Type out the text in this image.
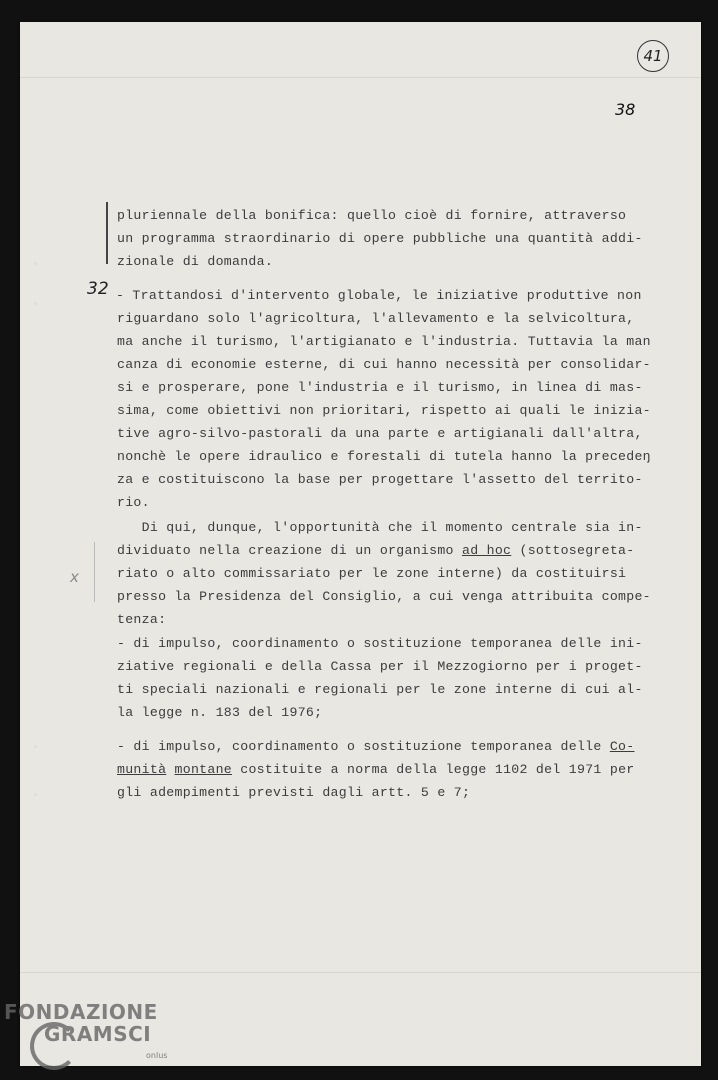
41
38
32
x
pluriennale della bonifica: quello cioè di fornire, attraverso
un programma straordinario di opere pubbliche una quantità addi-
zionale di domanda.
- Trattandosi d'intervento globale, le iniziative produttive non
riguardano solo l'agricoltura, l'allevamento e la selvicoltura,
ma anche il turismo, l'artigianato e l'industria. Tuttavia la man
canza di economie esterne, di cui hanno necessità per consolidar-
si e prosperare, pone l'industria e il turismo, in linea di mas-
sima, come obiettivi non prioritari, rispetto ai quali le inizia-
tive agro-silvo-pastorali da una parte e artigianali dall'altra,
nonchè le opere idraulico e forestali di tutela hanno la precedeŋ
za e costituiscono la base per progettare l'assetto del territo-
rio.
Di qui, dunque, l'opportunità che il momento centrale sia in-
dividuato nella creazione di un organismo ad hoc (sottosegreta-
riato o alto commissariato per le zone interne) da costituirsi
presso la Presidenza del Consiglio, a cui venga attribuita compe-
tenza:
- di impulso, coordinamento o sostituzione temporanea delle ini-
ziative regionali e della Cassa per il Mezzogiorno per i proget-
ti speciali nazionali e regionali per le zone interne di cui al-
la legge n. 183 del 1976;
- di impulso, coordinamento o sostituzione temporanea delle Co-
munità montane costituite a norma della legge 1102 del 1971 per
gli adempimenti previsti dagli artt. 5 e 7;
FONDAZIONE
GRAMSCI
onlus
